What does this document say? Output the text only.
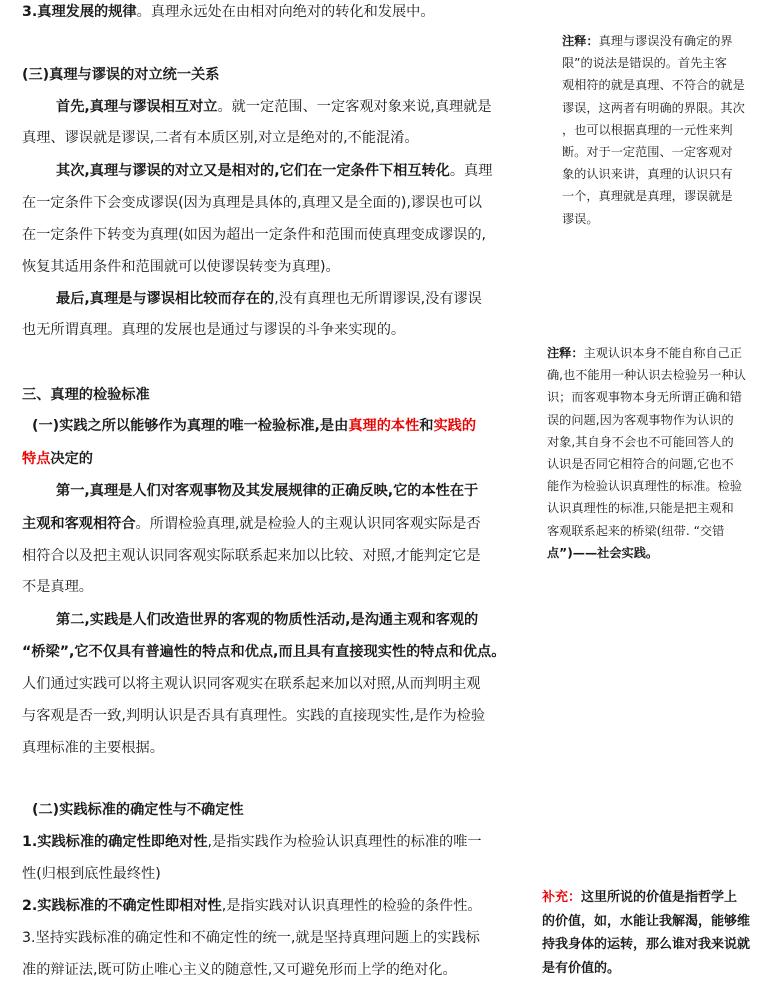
3.真理发展的规律。真理永远处在由相对向绝对的转化和发展中。
(三)真理与谬误的对立统一关系
首先,真理与谬误相互对立。就一定范围、一定客观对象来说,真理就是
真理、谬误就是谬误,二者有本质区别,对立是绝对的,不能混淆。
其次,真理与谬误的对立又是相对的,它们在一定条件下相互转化。真理
在一定条件下会变成谬误(因为真理是具体的,真理又是全面的),谬误也可以
在一定条件下转变为真理(如因为超出一定条件和范围而使真理变成谬误的,
恢复其适用条件和范围就可以使谬误转变为真理)。
最后,真理是与谬误相比较而存在的,没有真理也无所谓谬误,没有谬误
也无所谓真理。真理的发展也是通过与谬误的斗争来实现的。
三、真理的检验标准
(一)实践之所以能够作为真理的唯一检验标准,是由真理的本性和实践的
特点决定的
第一,真理是人们对客观事物及其发展规律的正确反映,它的本性在于
主观和客观相符合。所谓检验真理,就是检验人的主观认识同客观实际是否
相符合以及把主观认识同客观实际联系起来加以比较、对照,才能判定它是
不是真理。
第二,实践是人们改造世界的客观的物质性活动,是沟通主观和客观的
“桥梁”,它不仅具有普遍性的特点和优点,而且具有直接现实性的特点和优点。
人们通过实践可以将主观认识同客观实在联系起来加以对照,从而判明主观
与客观是否一致,判明认识是否具有真理性。实践的直接现实性,是作为检验
真理标准的主要根据。
(二)实践标准的确定性与不确定性
1.实践标准的确定性即绝对性,是指实践作为检验认识真理性的标准的唯一
性(归根到底性最终性)
2.实践标准的不确定性即相对性,是指实践对认识真理性的检验的条件性。
3.坚持实践标准的确定性和不确定性的统一,就是坚持真理问题上的实践标
准的辩证法,既可防止唯心主义的随意性,又可避免形而上学的绝对化。
注释：真理与谬误没有确定的界
限”的说法是错误的。首先主客
观相符的就是真理、不符合的就是
谬误，这两者有明确的界限。其次
，也可以根据真理的一元性来判
断。对于一定范围、一定客观对
象的认识来讲，真理的认识只有
一个，真理就是真理，谬误就是
谬误。
注释：主观认识本身不能自称自己正
确,也不能用一种认识去检验另一种认
识；而客观事物本身无所谓正确和错
误的问题,因为客观事物作为认识的
对象,其自身不会也不可能回答人的
认识是否同它相符合的问题,它也不
能作为检验认识真理性的标准。检验
认识真理性的标准,只能是把主观和
客观联系起来的桥梁(纽带. “交错
点”)——社会实践。
补充：这里所说的价值是指哲学上
的价值，如，水能让我解渴，能够维
持我身体的运转，那么谁对我来说就
是有价值的。
